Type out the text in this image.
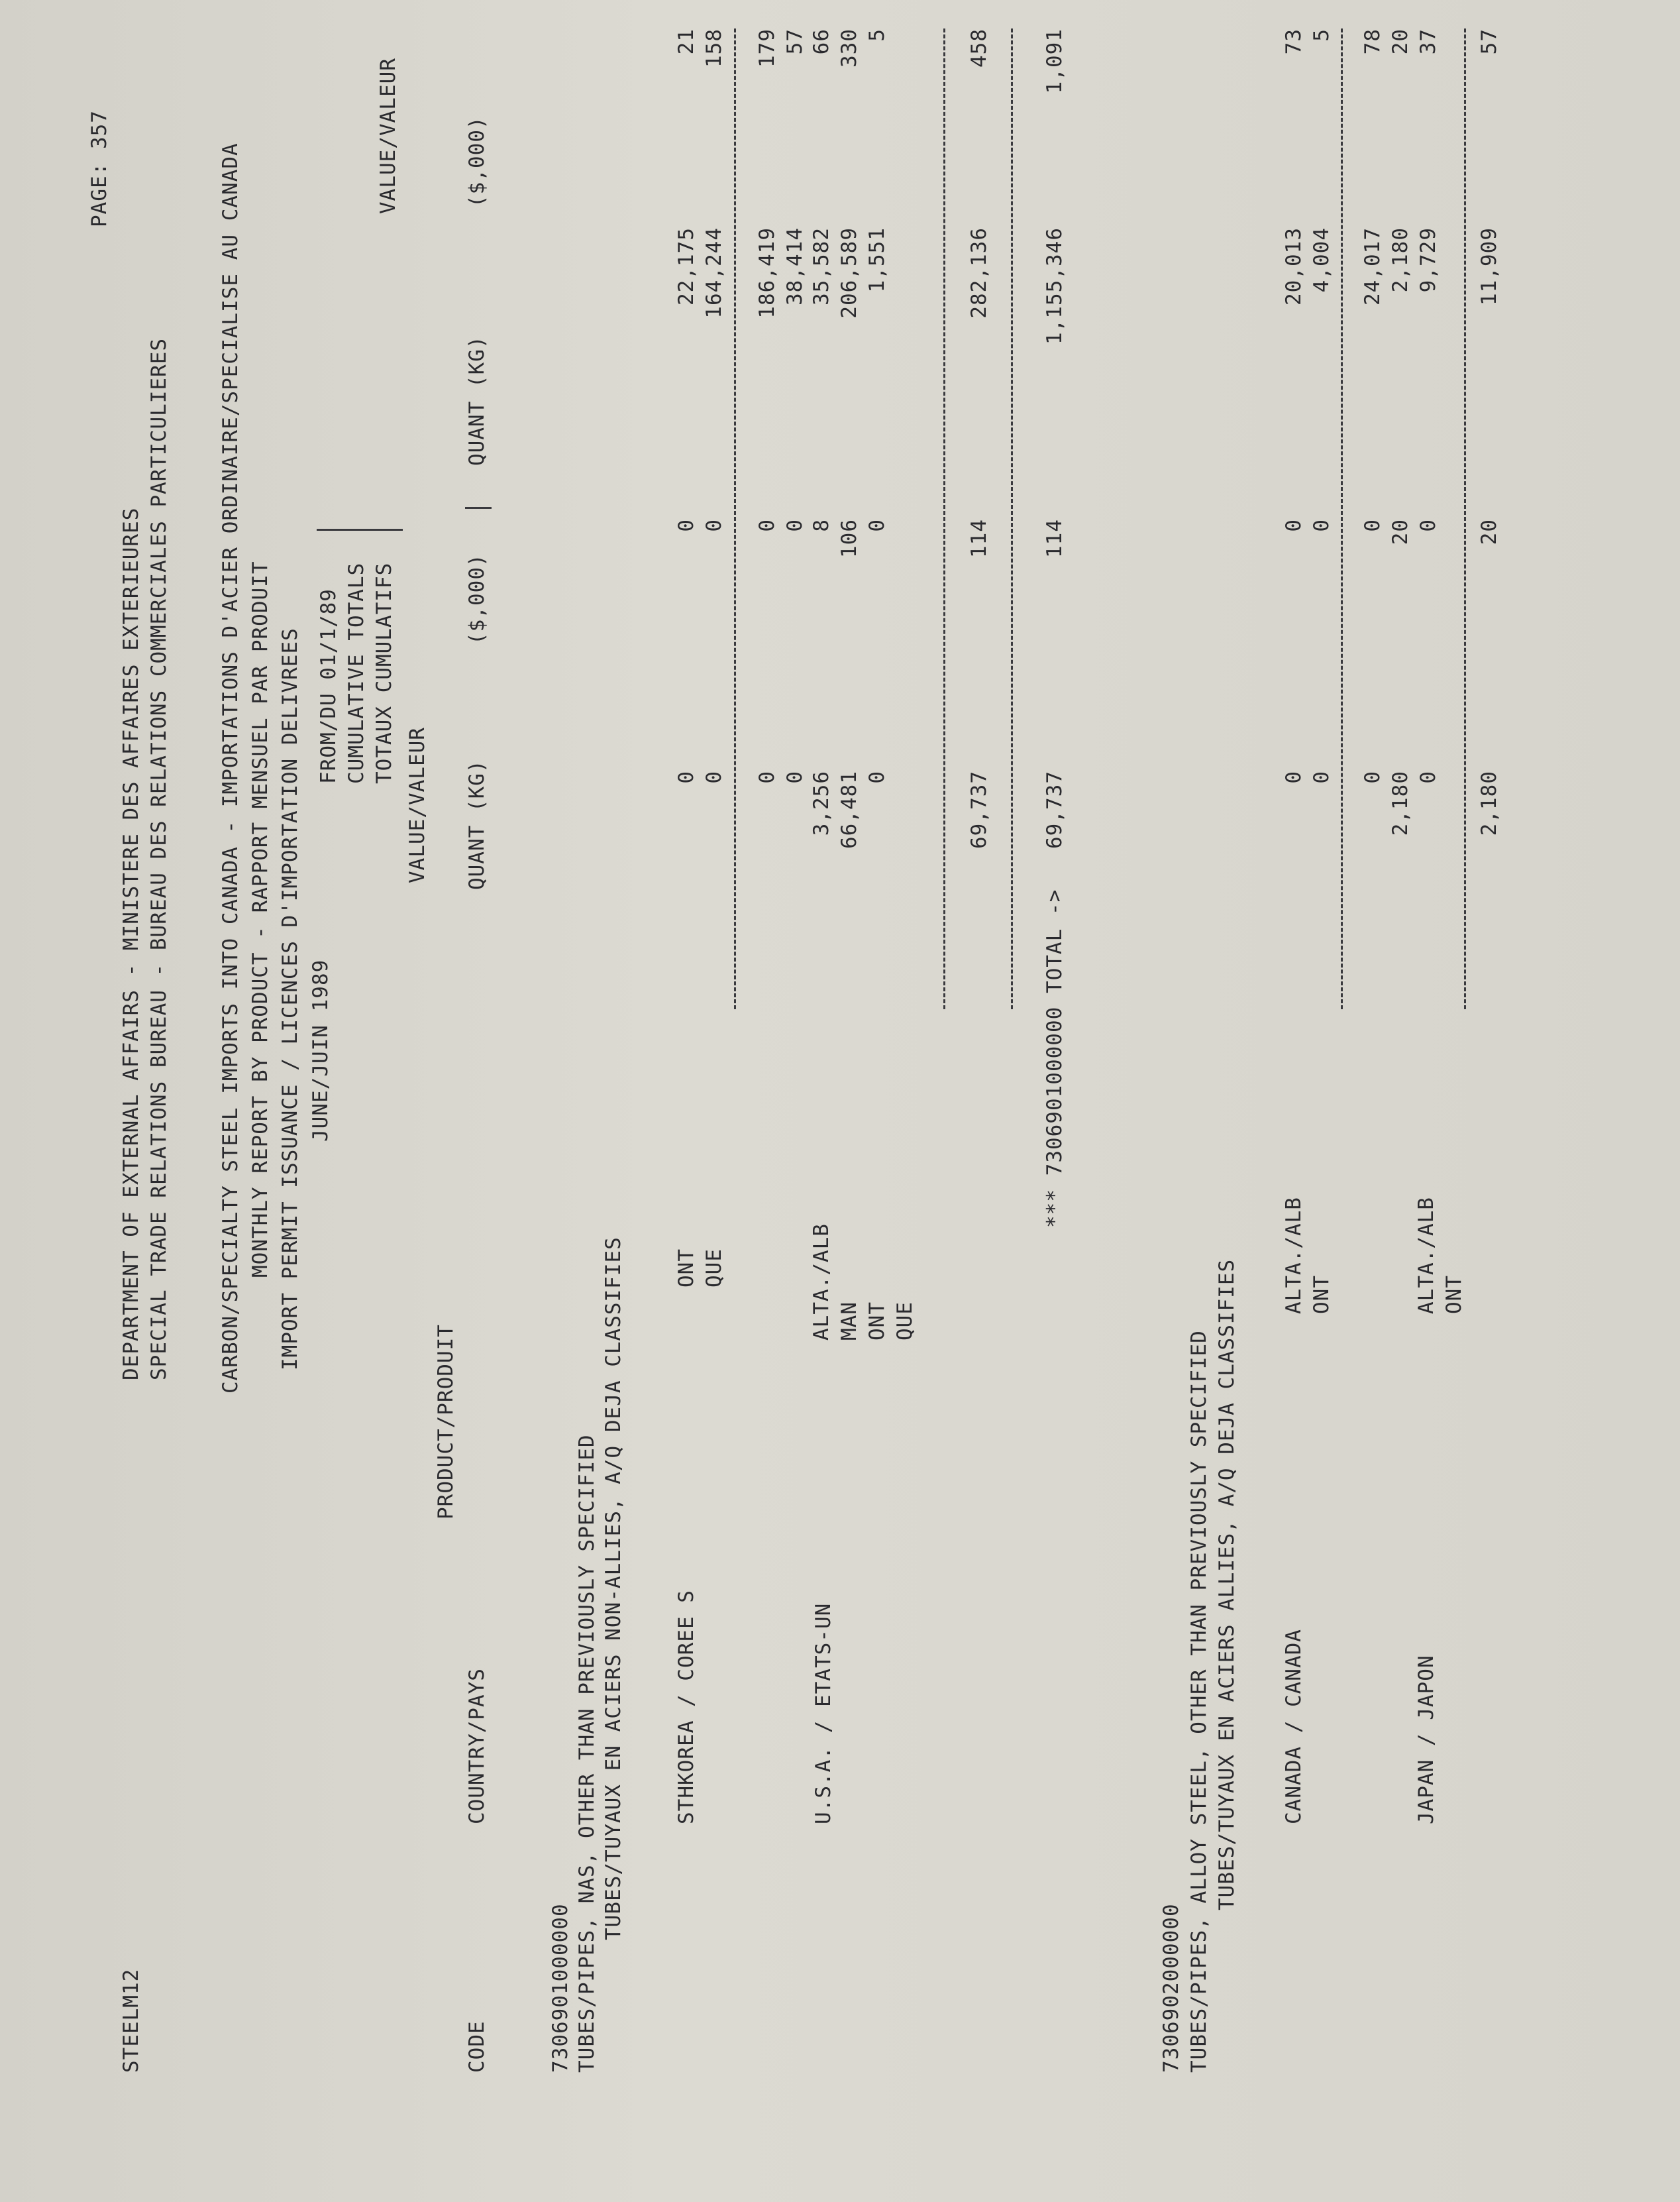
STEELM12
DEPARTMENT OF EXTERNAL AFFAIRS - MINISTERE DES AFFAIRES EXTERIEURES SPECIAL TRADE RELATIONS BUREAU - BUREAU DES RELATIONS COMMERCIALES PARTICULIERES
PAGE: 357	CARBON/SPECIALTY STEEL IMPORTS INTO CANADA - IMPORTATIONS D'ACIER ORDINAIRE/SPECIALISE AU CANADA MONTHLY REPORT BY PRODUCT - RAPPORT MENSUEL PAR PRODUIT IMPORT PERMIT ISSUANCE / LICENCES D'IMPORTATION DELIVREES JUNE/JUIN 1989
FROM/DU 01/1/89 CUMULATIVE TOTALS TOTAUX CUMULATIFS
VALUE/VALEUR
VALUE/VALEUR
CODE
COUNTRY/PAYS
PRODUCT/PRODUIT
QUANT (KG)
($,000)
QUANT (KG)
($,000)
7306901000000 TUBES/PIPES, NAS, OTHER THAN PREVIOUSLY SPECIFIED TUBES/TUYAUX EN ACIERS NON-ALLIES, A/Q DEJA CLASSIFIES STHKOREA / COREE S
ONT
0
0
22,175
21
QUE
0
0
164,244
158
0
0
186,419
179
U.S.A. / ETATS-UN
ALTA./ALB
0
0
38,414
57
MAN
3,256
8
35,582
66
ONT
66,481
106
206,589
330
QUE
0
0
1,551
5
69,737
114
282,136
458
*** 7306901000000 TOTAL ->
69,737
114
1,155,346
1,091
7306902000000 TUBES/PIPES, ALLOY STEEL, OTHER THAN PREVIOUSLY SPECIFIED TUBES/TUYAUX EN ACIERS ALLIES, A/Q DEJA CLASSIFIES CANADA / CANADA
ALTA./ALB
0
0
20,013
73
ONT
0
0
4,004
5
0
0
24,017
78
JAPAN / JAPON
ALTA./ALB
2,180
20
2,180
20
ONT
0
0
9,729
37
2,180
20
11,909
57
